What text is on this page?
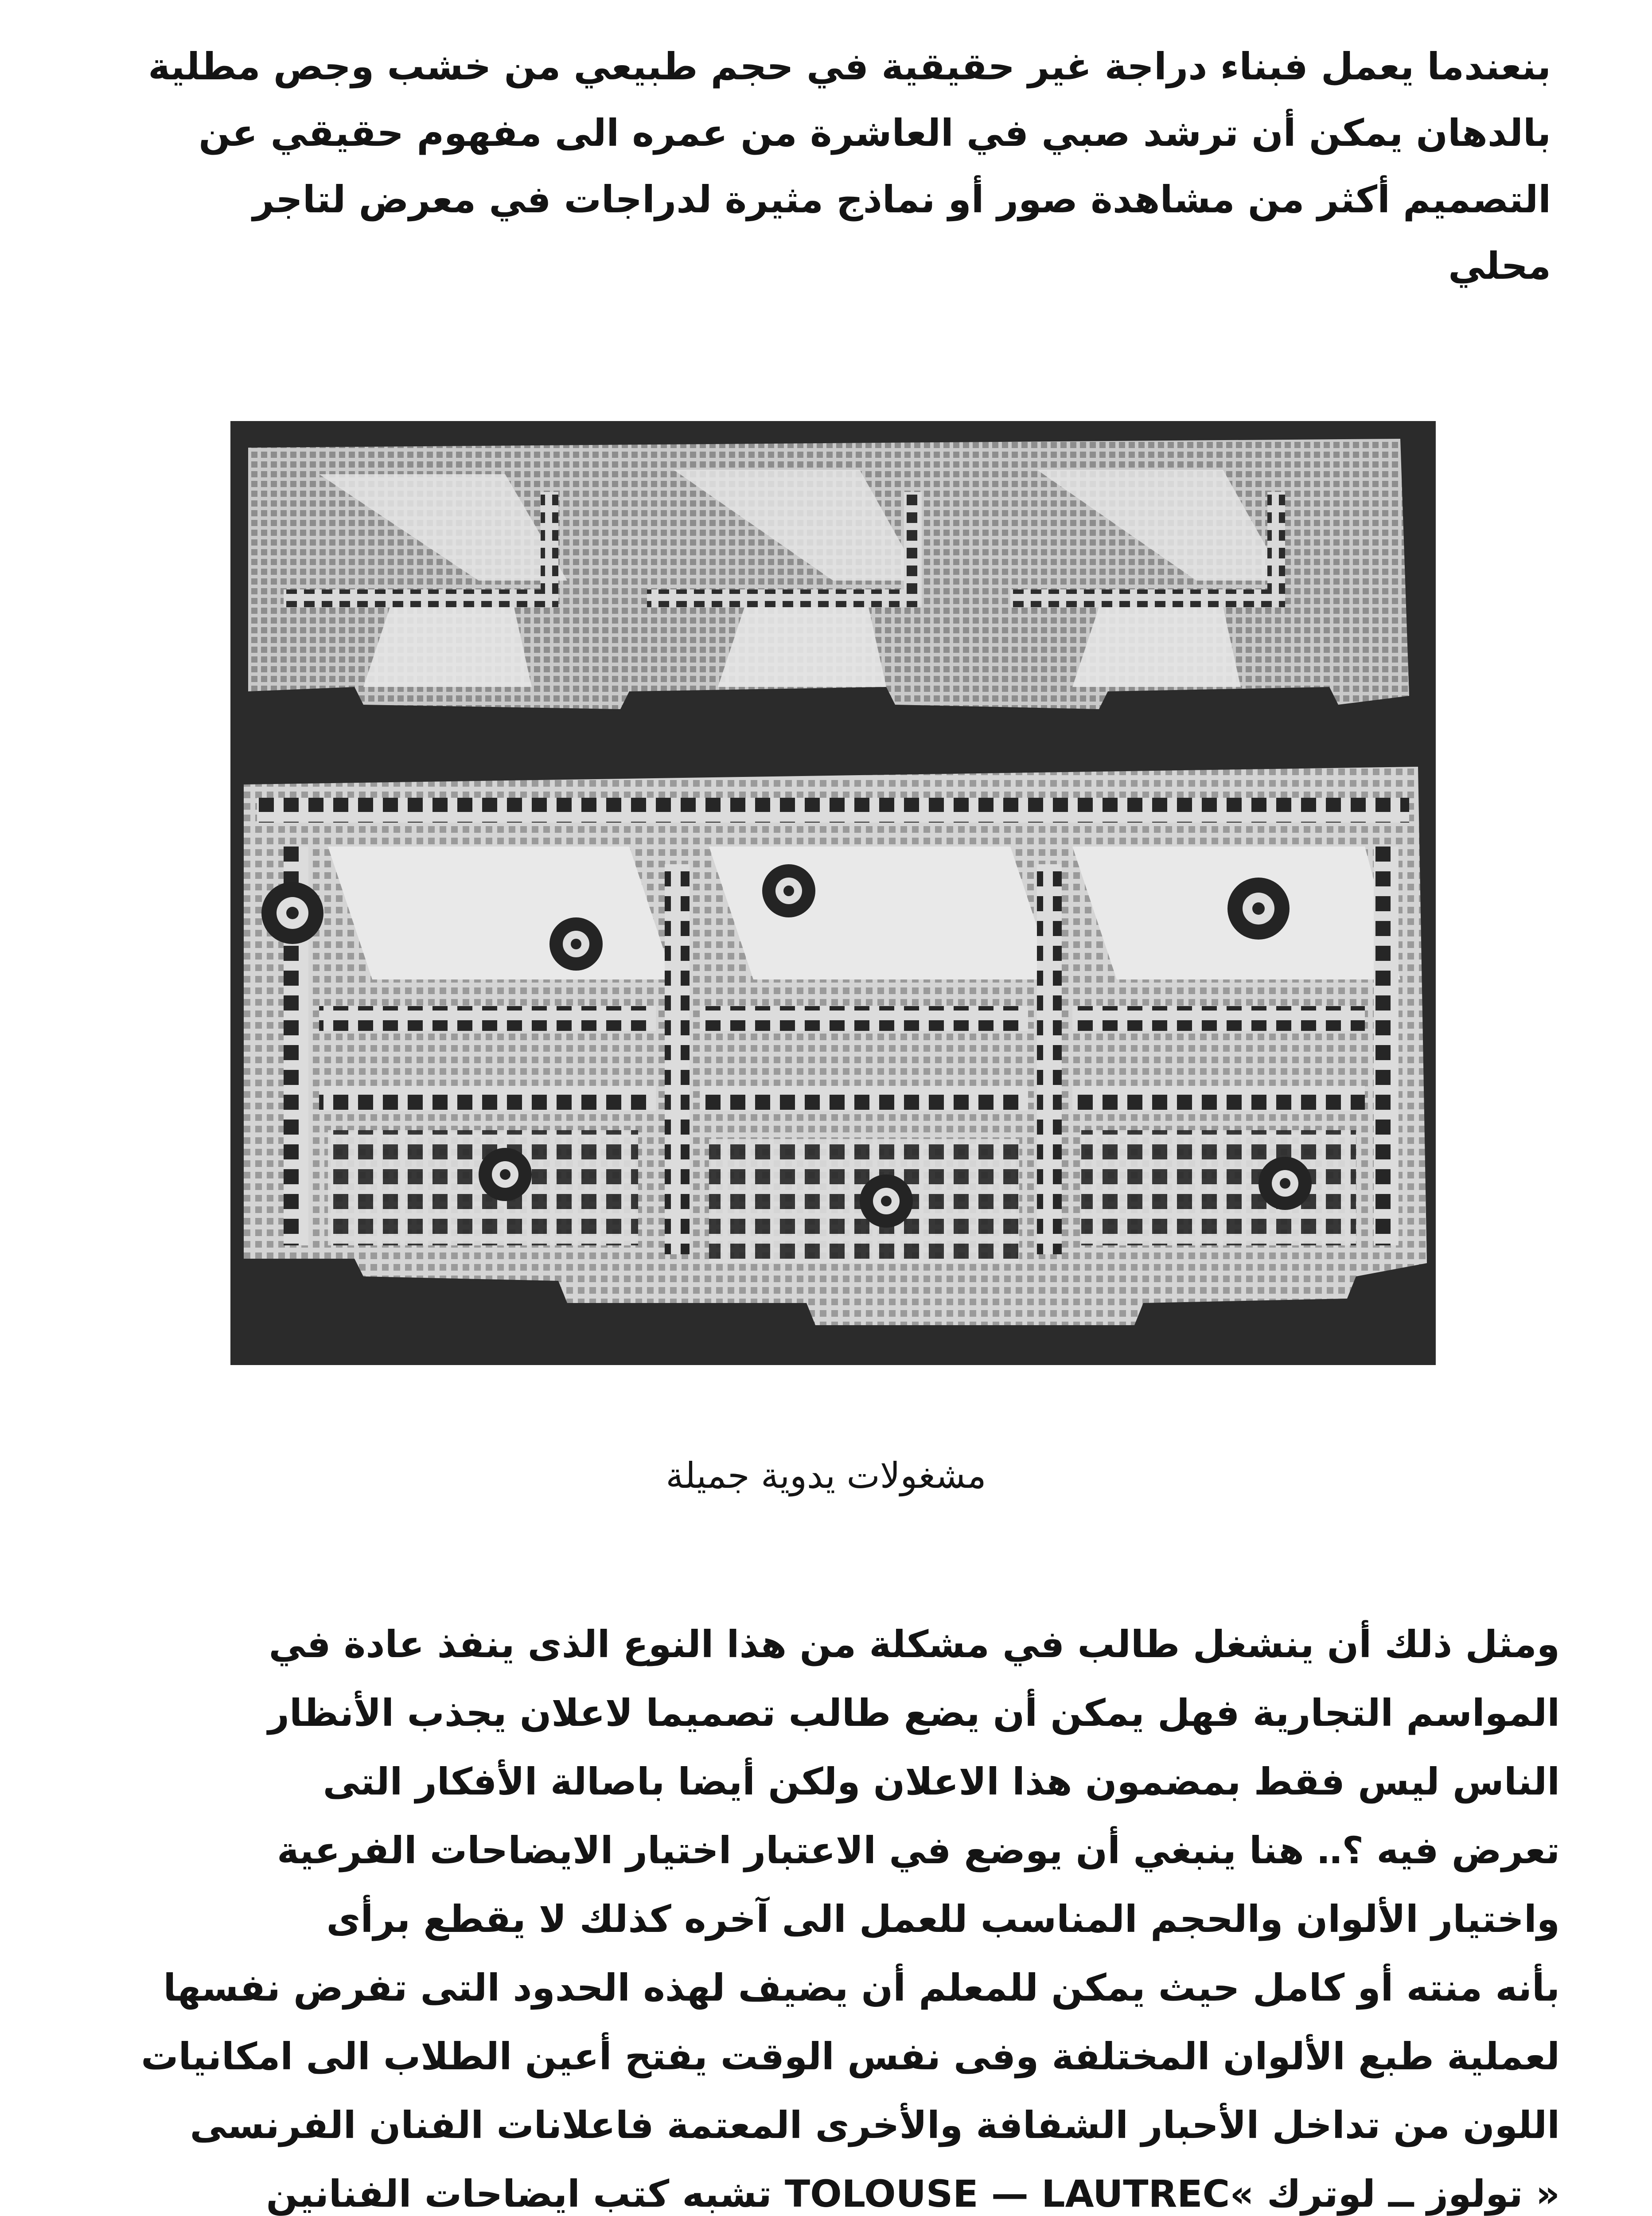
بنعندما يعمل فبناء دراجة غير حقيقية في حجم طبيعي من خشب وجص مطلية
بالدهان يمكن أن ترشد صبي في العاشرة من عمره الى مفهوم حقيقي عن
التصميم أكثر من مشاهدة صور أو نماذج مثيرة لدراجات في معرض لتاجر
محلي
مشغولات يدوية جميلة
ومثل ذلك أن ينشغل طالب في مشكلة من هذا النوع الذى ينفذ عادة في
المواسم التجارية فهل يمكن أن يضع طالب تصميما لاعلان يجذب الأنظار
الناس ليس فقط بمضمون هذا الاعلان ولكن أيضا باصالة الأفكار التى
تعرض فيه ؟‥ هنا ينبغي أن يوضع في الاعتبار اختيار الايضاحات الفرعية
واختيار الألوان والحجم المناسب للعمل الى آخره كذلك لا يقطع برأى
بأنه منته أو كامل حيث يمكن للمعلم أن يضيف لهذه الحدود التى تفرض نفسها
لعملية طبع الألوان المختلفة وفى نفس الوقت يفتح أعين الطلاب الى امكانيات
اللون من تداخل الأحبار الشفافة والأخرى المعتمة فاعلانات الفنان الفرنسى
« تولوز ــ لوترك »TOLOUSE — LAUTREC تشبه كتب ايضاحات الفنانين
